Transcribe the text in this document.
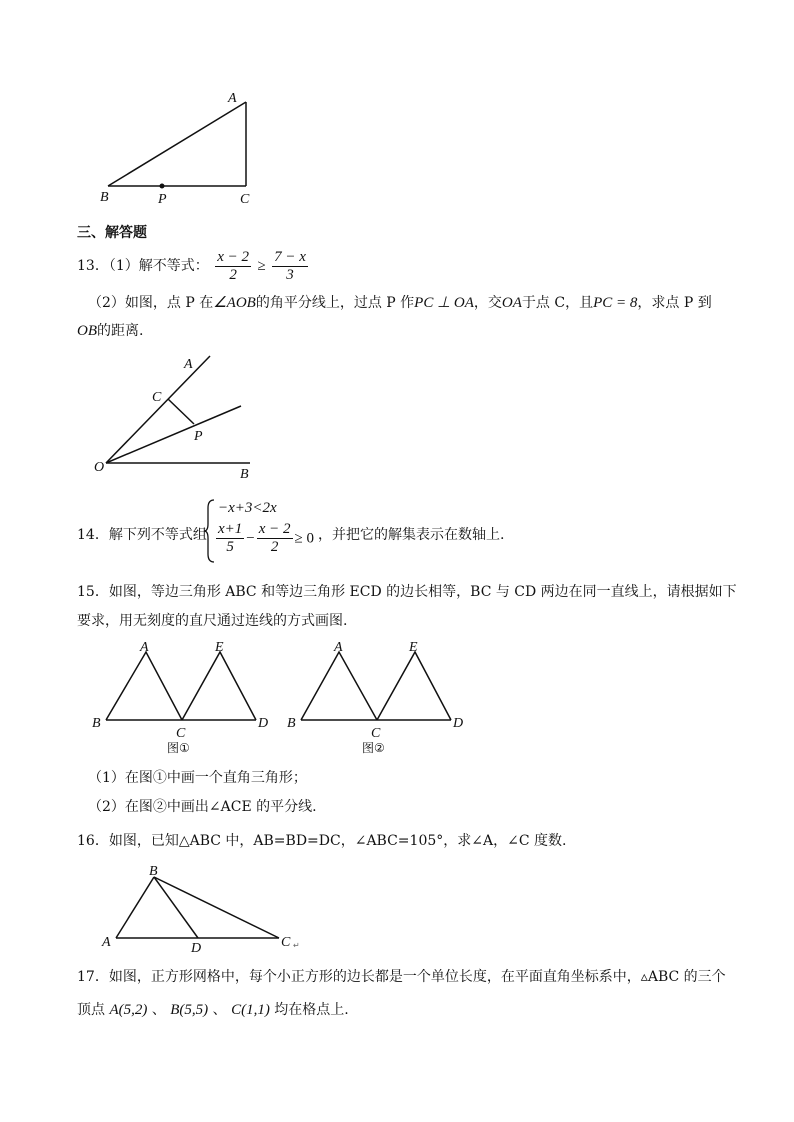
A
B	P	C
三、解答题
13．（1）解不等式： $\frac{x - 2}{2} \ge \frac{7 - x}{3}$
（2）如图，点 P 在∠AOB的角平分线上，过点 P 作PC ⊥ OA，交OA于点 C，且PC = 8，求点 P 到
OB的距离.
A
C
P
O	B
14．解下列不等式组
−x+3<2x
$\frac{x+1}{5} - \frac{x - 2}{2} \ge 0$ ，并把它的解集表示在数轴上.
15．如图，等边三角形 ABC 和等边三角形 ECD 的边长相等，BC 与 CD 两边在同一直线上，请根据如下
要求，用无刻度的直尺通过连线的方式画图.
A	E
B
C
D
图①
A	E
B
C
D
图②
（1）在图①中画一个直角三角形；
（2）在图②中画出∠ACE 的平分线.
16．如图，已知△ABC 中，AB=BD=DC，∠ABC=105°，求∠A，∠C 度数.
B
A	D	C ↵
17．如图，正方形网格中，每个小正方形的边长都是一个单位长度，在平面直角坐标系中，▵ABC 的三个
顶点 A(5,2) 、 B(5,5) 、 C(1,1) 均在格点上.
